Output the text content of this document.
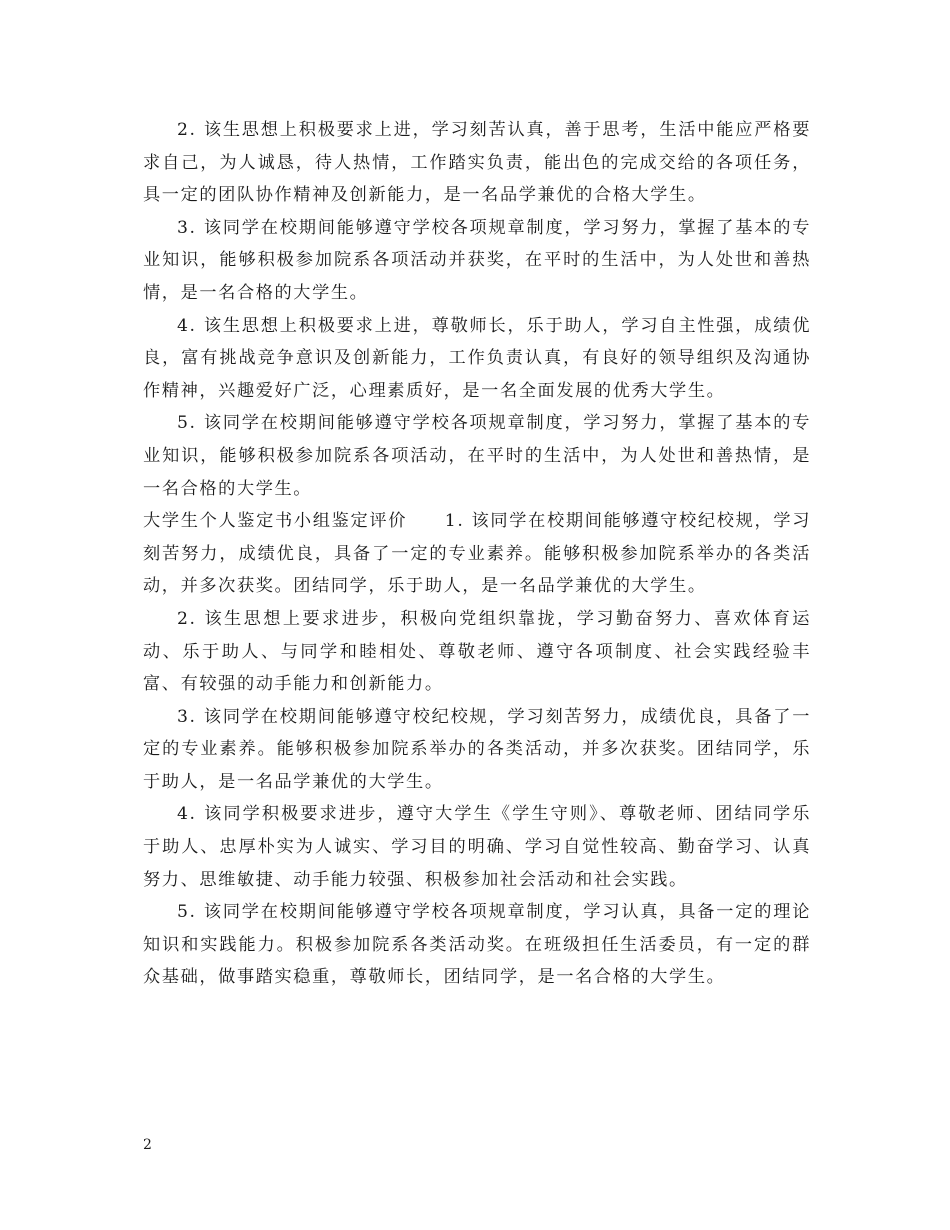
2. 该生思想上积极要求上进，学习刻苦认真，善于思考，生活中能应严格要求自己，为人诚恳，待人热情，工作踏实负责，能出色的完成交给的各项任务，具一定的团队协作精神及创新能力，是一名品学兼优的合格大学生。

3. 该同学在校期间能够遵守学校各项规章制度，学习努力，掌握了基本的专业知识，能够积极参加院系各项活动并获奖，在平时的生活中，为人处世和善热情，是一名合格的大学生。

4. 该生思想上积极要求上进，尊敬师长，乐于助人，学习自主性强，成绩优良，富有挑战竞争意识及创新能力，工作负责认真，有良好的领导组织及沟通协作精神，兴趣爱好广泛，心理素质好，是一名全面发展的优秀大学生。

5. 该同学在校期间能够遵守学校各项规章制度，学习努力，掌握了基本的专业知识，能够积极参加院系各项活动，在平时的生活中，为人处世和善热情，是一名合格的大学生。

大学生个人鉴定书小组鉴定评价　　1. 该同学在校期间能够遵守校纪校规，学习刻苦努力，成绩优良，具备了一定的专业素养。能够积极参加院系举办的各类活动，并多次获奖。团结同学，乐于助人，是一名品学兼优的大学生。

2. 该生思想上要求进步，积极向党组织靠拢，学习勤奋努力、喜欢体育运动、乐于助人、与同学和睦相处、尊敬老师、遵守各项制度、社会实践经验丰富、有较强的动手能力和创新能力。

3. 该同学在校期间能够遵守校纪校规，学习刻苦努力，成绩优良，具备了一定的专业素养。能够积极参加院系举办的各类活动，并多次获奖。团结同学，乐于助人，是一名品学兼优的大学生。

4. 该同学积极要求进步，遵守大学生《学生守则》、尊敬老师、团结同学乐于助人、忠厚朴实为人诚实、学习目的明确、学习自觉性较高、勤奋学习、认真努力、思维敏捷、动手能力较强、积极参加社会活动和社会实践。

5. 该同学在校期间能够遵守学校各项规章制度，学习认真，具备一定的理论知识和实践能力。积极参加院系各类活动奖。在班级担任生活委员，有一定的群众基础，做事踏实稳重，尊敬师长，团结同学，是一名合格的大学生。

2
